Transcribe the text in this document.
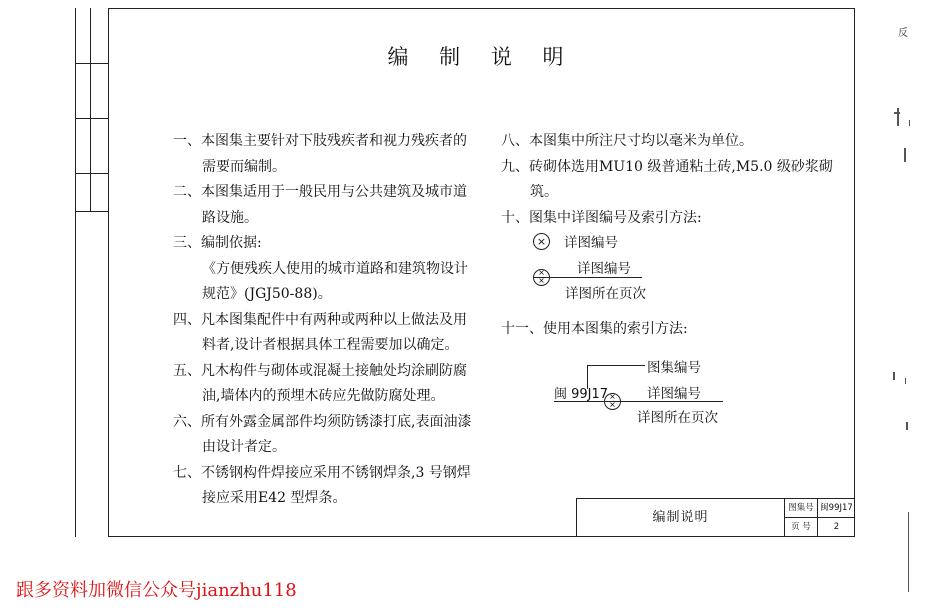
编 制 说 明
一、本图集主要针对下肢残疾者和视力残疾者的
需要而编制。
二、本图集适用于一般民用与公共建筑及城市道
路设施。
三、编制依据:
《方便残疾人使用的城市道路和建筑物设计
规范》(JGJ50-88)。
四、凡本图集配件中有两种或两种以上做法及用
料者,设计者根据具体工程需要加以确定。
五、凡木构件与砌体或混凝土接触处均涂刷防腐
油,墙体内的预埋木砖应先做防腐处理。
六、所有外露金属部件均须防锈漆打底,表面油漆
由设计者定。
七、不锈钢构件焊接应采用不锈钢焊条,3 号钢焊
接应采用E42 型焊条。
八、本图集中所注尺寸均以毫米为单位。
九、砖砌体选用MU10 级普通粘土砖,M5.0 级砂浆砌
筑。
十、图集中详图编号及索引方法:
十一、使用本图集的索引方法:
× 详图编号
×
×
详图编号
详图所在页次
图集编号
闽 99J17 ×
×
详图编号
详图所在页次
编制说明
图集号 闽99J17
页 号	2
反
跟多资料加微信公众号jianzhu118
